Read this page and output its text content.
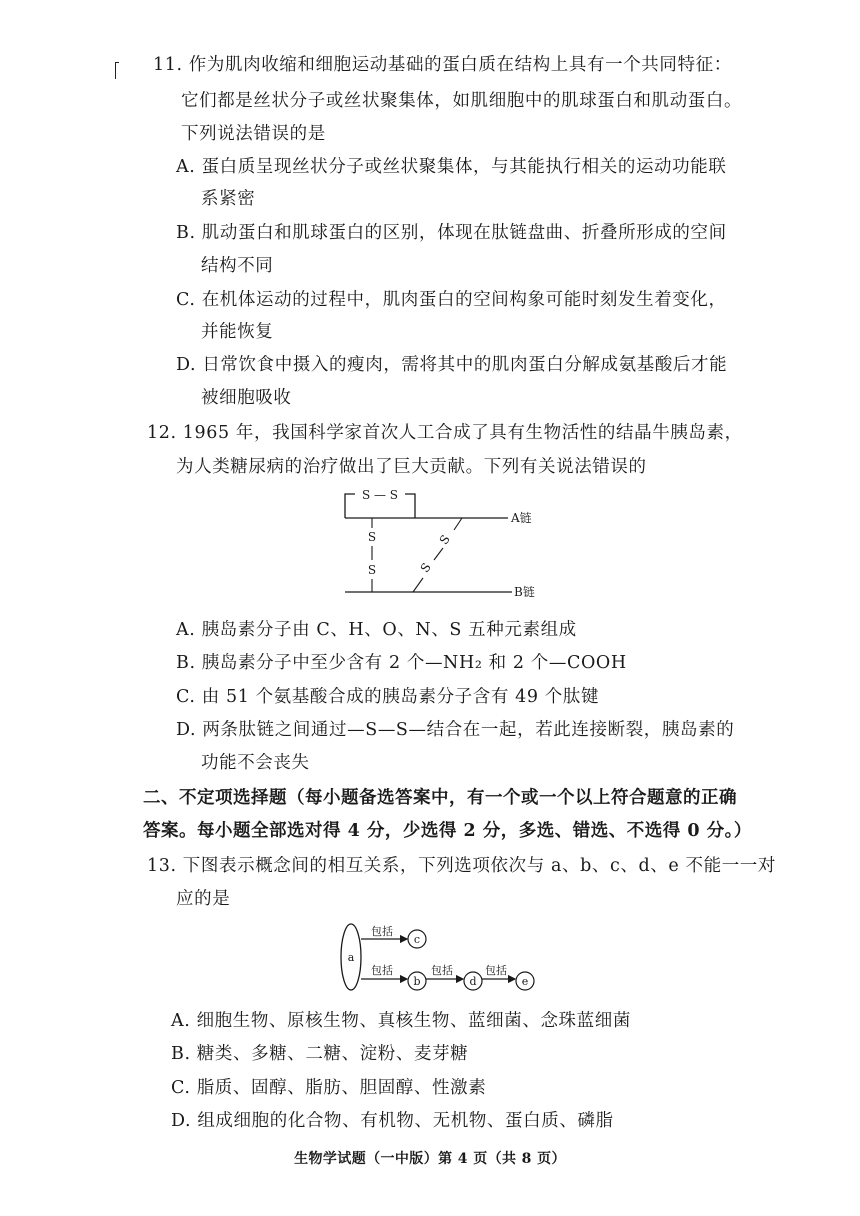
11. 作为肌肉收缩和细胞运动基础的蛋白质在结构上具有一个共同特征：
它们都是丝状分子或丝状聚集体，如肌细胞中的肌球蛋白和肌动蛋白。
下列说法错误的是
A. 蛋白质呈现丝状分子或丝状聚集体，与其能执行相关的运动功能联
系紧密
B. 肌动蛋白和肌球蛋白的区别，体现在肽链盘曲、折叠所形成的空间
结构不同
C. 在机体运动的过程中，肌肉蛋白的空间构象可能时刻发生着变化，
并能恢复
D. 日常饮食中摄入的瘦肉，需将其中的肌肉蛋白分解成氨基酸后才能
被细胞吸收
12. 1965 年，我国科学家首次人工合成了具有生物活性的结晶牛胰岛素，
为人类糖尿病的治疗做出了巨大贡献。下列有关说法错误的
S — S
A链
S
S
S
S
B链
A. 胰岛素分子由 C、H、O、N、S 五种元素组成
B. 胰岛素分子中至少含有 2 个—NH₂ 和 2 个—COOH
C. 由 51 个氨基酸合成的胰岛素分子含有 49 个肽键
D. 两条肽链之间通过—S—S—结合在一起，若此连接断裂，胰岛素的
功能不会丧失
二、不定项选择题（每小题备选答案中，有一个或一个以上符合题意的正确
答案。每小题全部选对得 4 分，少选得 2 分，多选、错选、不选得 0 分。）
13. 下图表示概念间的相互关系，下列选项依次与 a、b、c、d、e 不能一一对
应的是
a
包括
c
包括
b
包括
d
包括
e
A. 细胞生物、原核生物、真核生物、蓝细菌、念珠蓝细菌
B. 糖类、多糖、二糖、淀粉、麦芽糖
C. 脂质、固醇、脂肪、胆固醇、性激素
D. 组成细胞的化合物、有机物、无机物、蛋白质、磷脂
生物学试题（一中版）第 4 页（共 8 页）
